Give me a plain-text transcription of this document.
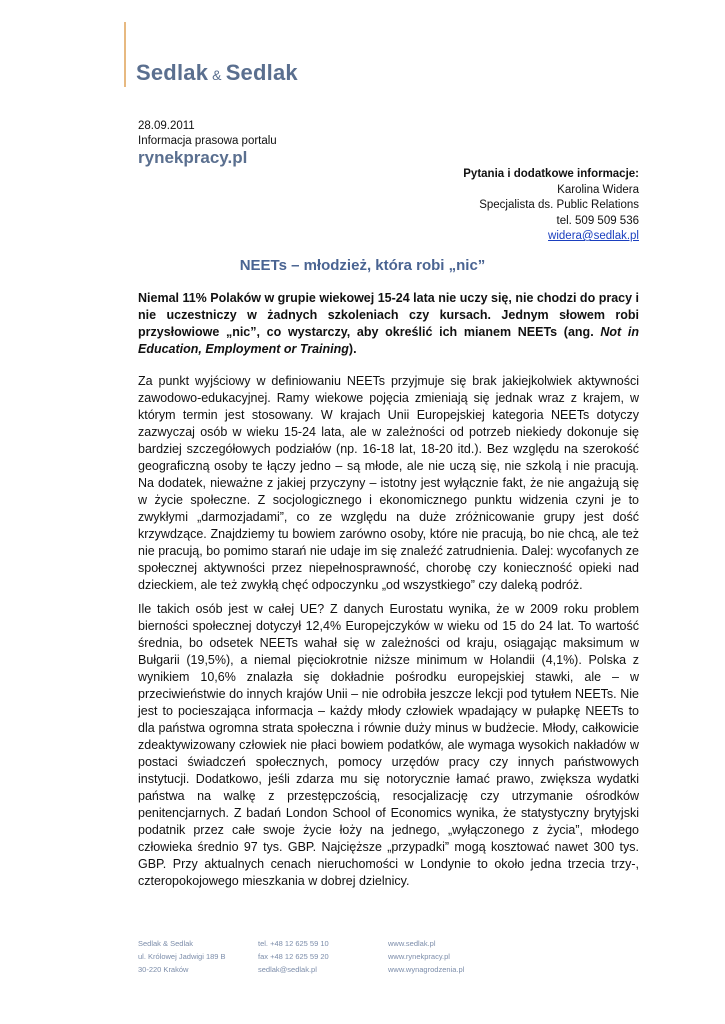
Sedlak & Sedlak
28.09.2011
Informacja prasowa portalu
rynekpracy.pl
Pytania i dodatkowe informacje:
Karolina Widera
Specjalista ds. Public Relations
tel. 509 509 536
widera@sedlak.pl
NEETs – młodzież, która robi „nic”
Niemal 11% Polaków w grupie wiekowej 15-24 lata nie uczy się, nie chodzi do pracy i nie uczestniczy w żadnych szkoleniach czy kursach. Jednym słowem robi przysłowiowe „nic”, co wystarczy, aby określić ich mianem NEETs (ang. Not in Education, Employment or Training).
Za punkt wyjściowy w definiowaniu NEETs przyjmuje się brak jakiejkolwiek aktywności zawodowo-edukacyjnej. Ramy wiekowe pojęcia zmieniają się jednak wraz z krajem, w którym termin jest stosowany. W krajach Unii Europejskiej kategoria NEETs dotyczy zazwyczaj osób w wieku 15-24 lata, ale w zależności od potrzeb niekiedy dokonuje się bardziej szczegółowych podziałów (np. 16-18 lat, 18-20 itd.). Bez względu na szerokość geograficzną osoby te łączy jedno – są młode, ale nie uczą się, nie szkolą i nie pracują. Na dodatek, nieważne z jakiej przyczyny – istotny jest wyłącznie fakt, że nie angażują się w życie społeczne. Z socjologicznego i ekonomicznego punktu widzenia czyni je to zwykłymi „darmozjadami”, co ze względu na duże zróżnicowanie grupy jest dość krzywdzące. Znajdziemy tu bowiem zarówno osoby, które nie pracują, bo nie chcą, ale też nie pracują, bo pomimo starań nie udaje im się znaleźć zatrudnienia. Dalej: wycofanych ze społecznej aktywności przez niepełnosprawność, chorobę czy konieczność opieki nad dzieckiem, ale też zwykłą chęć odpoczynku „od wszystkiego” czy daleką podróż.
Ile takich osób jest w całej UE? Z danych Eurostatu wynika, że w 2009 roku problem bierności społecznej dotyczył 12,4% Europejczyków w wieku od 15 do 24 lat. To wartość średnia, bo odsetek NEETs wahał się w zależności od kraju, osiągając maksimum w Bułgarii (19,5%), a niemal pięciokrotnie niższe minimum w Holandii (4,1%). Polska z wynikiem 10,6% znalazła się dokładnie pośrodku europejskiej stawki, ale – w przeciwieństwie do innych krajów Unii – nie odrobiła jeszcze lekcji pod tytułem NEETs. Nie jest to pocieszająca informacja – każdy młody człowiek wpadający w pułapkę NEETs to dla państwa ogromna strata społeczna i równie duży minus w budżecie. Młody, całkowicie zdeaktywizowany człowiek nie płaci bowiem podatków, ale wymaga wysokich nakładów w postaci świadczeń społecznych, pomocy urzędów pracy czy innych państwowych instytucji. Dodatkowo, jeśli zdarza mu się notorycznie łamać prawo, zwiększa wydatki państwa na walkę z przestępczością, resocjalizację czy utrzymanie ośrodków penitencjarnych. Z badań London School of Economics wynika, że statystyczny brytyjski podatnik przez całe swoje życie łoży na jednego, „wyłączonego z życia”, młodego człowieka średnio 97 tys. GBP. Najcięższe „przypadki” mogą kosztować nawet 300 tys. GBP. Przy aktualnych cenach nieruchomości w Londynie to około jedna trzecia trzy-, czteropokojowego mieszkania w dobrej dzielnicy.
Sedlak & Sedlak
ul. Królowej Jadwigi 189 B
30-220 Kraków
tel. +48 12 625 59 10
fax +48 12 625 59 20
sedlak@sedlak.pl
www.sedlak.pl
www.rynekpracy.pl
www.wynagrodzenia.pl
